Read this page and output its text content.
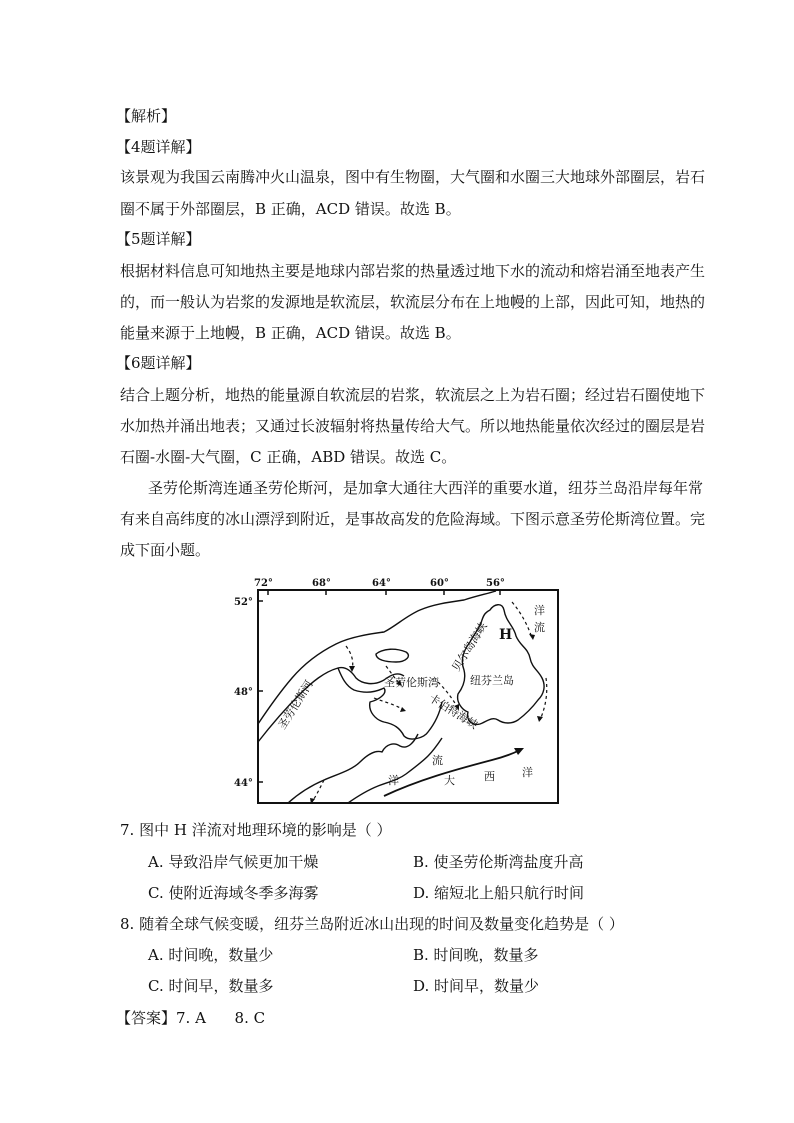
【解析】
【4题详解】
该景观为我国云南腾冲火山温泉，图中有生物圈，大气圈和水圈三大地球外部圈层，岩石
圈不属于外部圈层，B 正确，ACD 错误。故选 B。
【5题详解】
根据材料信息可知地热主要是地球内部岩浆的热量透过地下水的流动和熔岩涌至地表产生
的，而一般认为岩浆的发源地是软流层，软流层分布在上地幔的上部，因此可知，地热的
能量来源于上地幔，B 正确，ACD 错误。故选 B。
【6题详解】
结合上题分析，地热的能量源自软流层的岩浆，软流层之上为岩石圈；经过岩石圈使地下
水加热并涌出地表；又通过长波辐射将热量传给大气。所以地热能量依次经过的圈层是岩
石圈-水圈-大气圈，C 正确，ABD 错误。故选 C。
圣劳伦斯湾连通圣劳伦斯河，是加拿大通往大西洋的重要水道，纽芬兰岛沿岸每年常
有来自高纬度的冰山漂浮到附近，是事故高发的危险海域。下图示意圣劳伦斯湾位置。完
成下面小题。
72°	68°	64°	60°	56°
52°
48°
44°
圣劳伦斯河
贝尔岛海峡
圣劳伦斯湾	纽芬兰岛
卡伯特海峡
H
洋
流
流
洋	大	西 洋
7. 图中 H 洋流对地理环境的影响是（ ）
A. 导致沿岸气候更加干燥	B. 使圣劳伦斯湾盐度升高
C. 使附近海域冬季多海雾	D. 缩短北上船只航行时间
8. 随着全球气候变暖，纽芬兰岛附近冰山出现的时间及数量变化趋势是（ ）
A. 时间晚，数量少	B. 时间晚，数量多
C. 时间早，数量多	D. 时间早，数量少
【答案】7. A      8. C
